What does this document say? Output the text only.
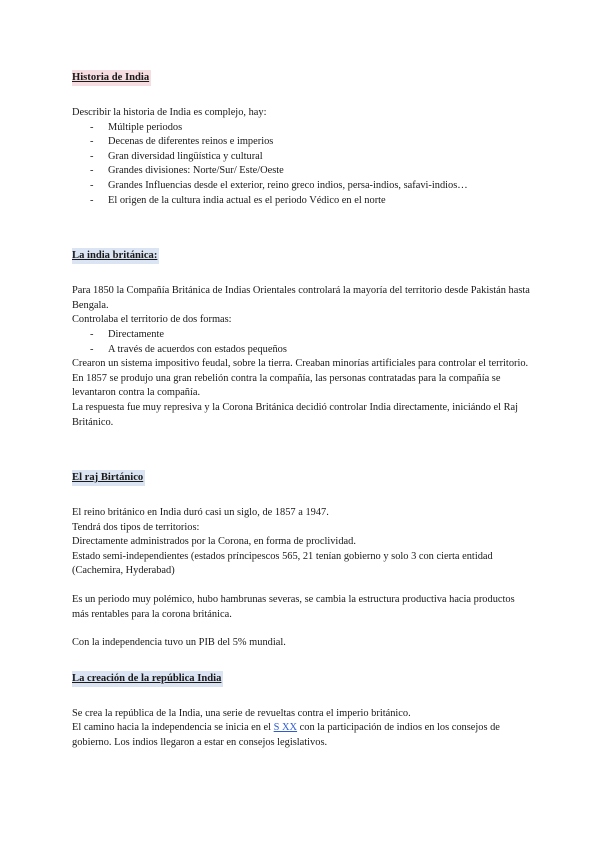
Historia de India

Describir la historia de India es complejo, hay:

- Múltiple periodos
- Decenas de diferentes reinos e imperios
- Gran diversidad lingüística y cultural
- Grandes divisiones: Norte/Sur/ Este/Oeste
- Grandes Influencias desde el exterior, reino greco indios, persa-indios, safavi-indios…
- El origen de la cultura india actual es el periodo Védico en el norte
La india británica:

Para 1850 la Compañía Británica de Indias Orientales controlará la mayoría del territorio desde Pakistán hasta Bengala.

Controlaba el territorio de dos formas:

- Directamente
- A través de acuerdos con estados pequeños

Crearon un sistema impositivo feudal, sobre la tierra. Creaban minorías artificiales para controlar el territorio. En 1857 se produjo una gran rebelión contra la compañía, las personas contratadas para la compañía se levantaron contra la compañía.

La respuesta fue muy represiva y la Corona Británica decidió controlar India directamente, iniciándo el Raj Británico.

El raj Birtánico

El reino británico en India duró casi un siglo, de 1857 a 1947.

Tendrá dos tipos de territorios:

Directamente administrados por la Corona, en forma de proclividad.

Estado semi-independientes (estados príncipescos 565, 21 tenían gobierno y solo 3 con cierta entidad (Cachemira, Hyderabad)

Es un periodo muy polémico, hubo hambrunas severas, se cambia la estructura productiva hacia productos más rentables para la corona británica.

Con la independencia tuvo un PIB del 5% mundial.

La creación de la república India

Se crea la república de la India, una serie de revueltas contra el imperio británico.

El camino hacia la independencia se inicia en el S XX con la participación de indios en los consejos de gobierno. Los indios llegaron a estar en consejos legislativos.
